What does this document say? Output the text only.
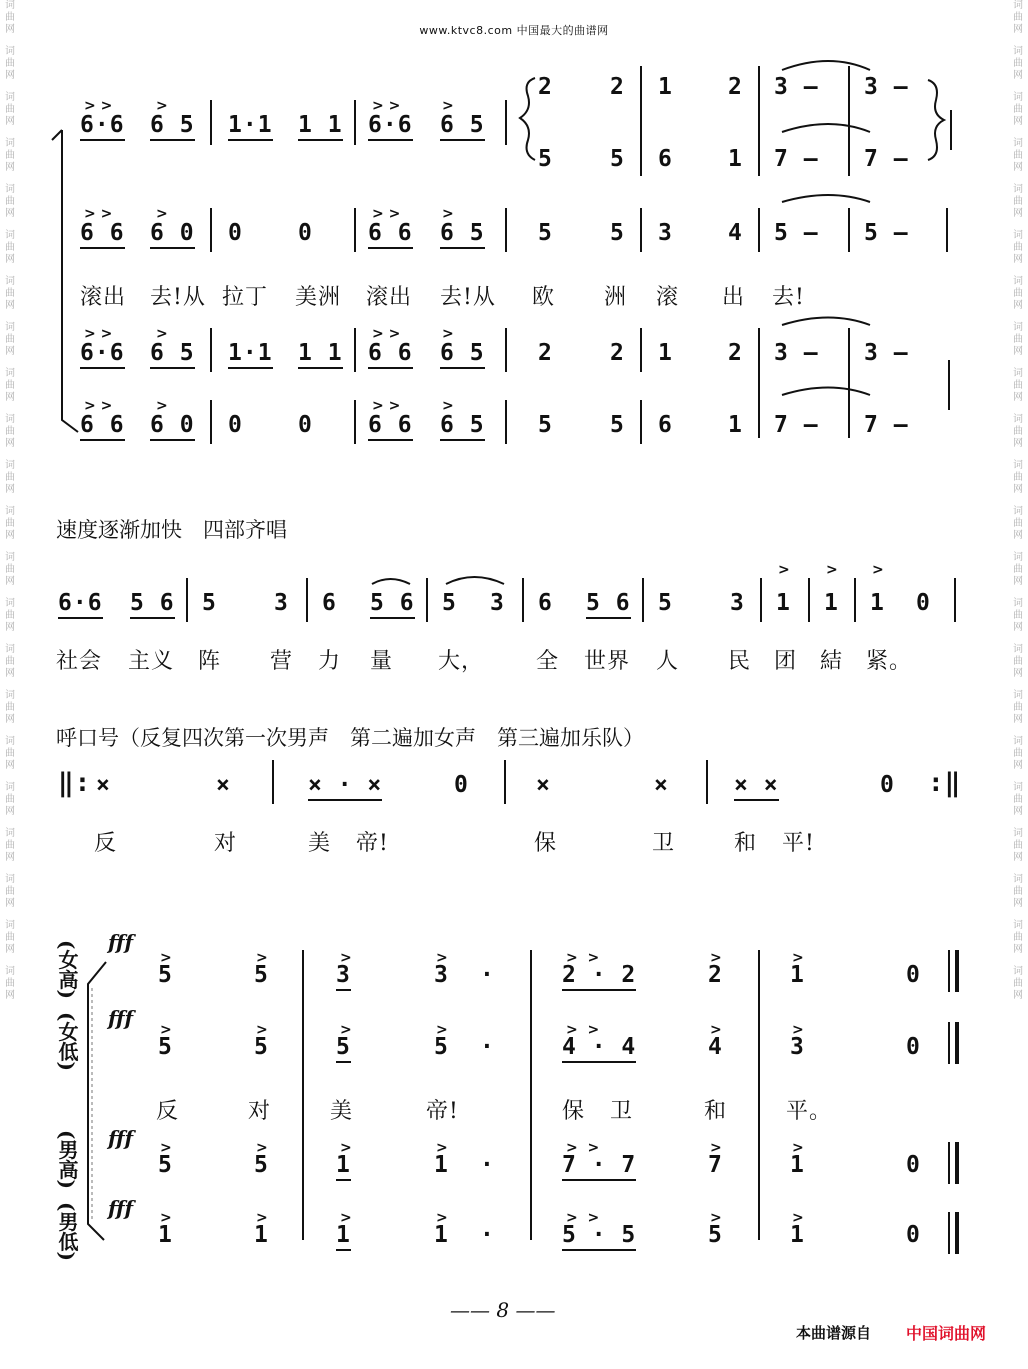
词曲网
词曲网
词曲网
词曲网
词曲网
词曲网
词曲网
词曲网
词曲网
词曲网
词曲网
词曲网
词曲网
词曲网
词曲网
词曲网
词曲网
词曲网
词曲网
词曲网
词曲网
词曲网
词曲网
词曲网
词曲网
词曲网
词曲网
词曲网
词曲网
词曲网
词曲网
词曲网
词曲网
词曲网
词曲网
词曲网
词曲网
词曲网
词曲网
词曲网
词曲网
词曲网
词曲网
词曲网
www.ktvc8.com 中国最大的曲谱网
> >	>	> >	>
6·6 6 5 1·1 1 1 6·6 6 5
2 2 1 2 3 — 3 —
5 5 6 1 7 — 7 —
> >	>	> >	>
6 6 6 0 0 0 6 6 6 5 5 5 3 4 5 — 5 —
滚出 去!从 拉丁 美洲 滚出 去!从 欧 洲 滚 出 去!
> >	>	> >	>
6·6 6 5 1·1 1 1 6 6 6 5 2 2 1 2 3 — 3 —
> >	>	> >	>
6 6 6 0 0 0 6 6 6 5 5 5 6 1 7 — 7 —
速度逐渐加快　四部齐唱
>	> >
6·6 5 6 5 3 6 5 6 5 3 6 5 6 5 3 1 1 1 0
社会 主义 阵 营 力 量 大， 全 世界 人 民 团 結 紧。
呼口号（反复四次第一次男声　第二遍加女声　第三遍加乐队）
‖:	:‖
×	×	× · ×	0	×	×	× ×	0
反	对	美 帝!	保	卫	和 平!
(女高)
(女低)
(男高)
(男低)
fff
>	>	>	>	>  >	>	>
5	5	3	3 ·	2 · 2	2	1	0
fff >	>	>	>	>  >	>	>
5	5	5	5 ·	4 · 4	4	3	0
反	对	美	帝!	保 卫	和	平。
fff >	>	>	>	>  >	>	>
5	5	1	1 ·	7 · 7	7	1	0
fff >	>	>	>	>  >	>	>
1	1	1	1 ·	5 · 5	5	1	0
—— 8 ——
本曲谱源自 中国词曲网
